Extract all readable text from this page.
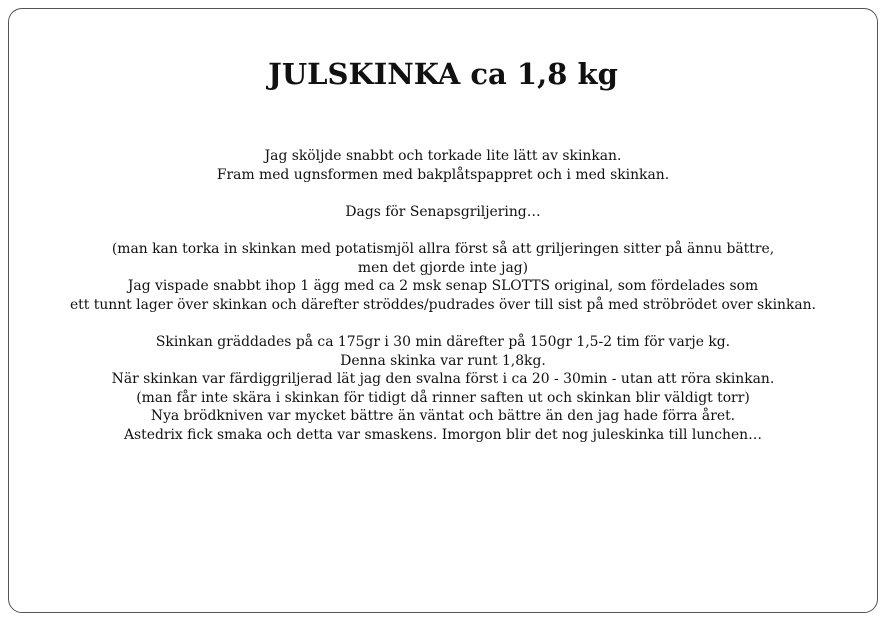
JULSKINKA ca 1,8 kg
Jag sköljde snabbt och torkade lite lätt av skinkan.
Fram med ugnsformen med bakplåtspappret och i med skinkan.
Dags för Senapsgriljering…
(man kan torka in skinkan med potatismjöl allra först så att griljeringen sitter på ännu bättre,
men det gjorde inte jag)
Jag vispade snabbt ihop 1 ägg med ca 2 msk senap SLOTTS original, som fördelades som
ett tunnt lager över skinkan och därefter ströddes/pudrades över till sist på med ströbrödet over skinkan.
Skinkan gräddades på ca 175gr i 30 min därefter på 150gr 1,5-2 tim för varje kg.
Denna skinka var runt 1,8kg.
När skinkan var färdiggriljerad lät jag den svalna först i ca 20 - 30min - utan att röra skinkan.
(man får inte skära i skinkan för tidigt då rinner saften ut och skinkan blir väldigt torr)
Nya brödkniven var mycket bättre än väntat och bättre än den jag hade förra året.
Astedrix fick smaka och detta var smaskens. Imorgon blir det nog juleskinka till lunchen…
